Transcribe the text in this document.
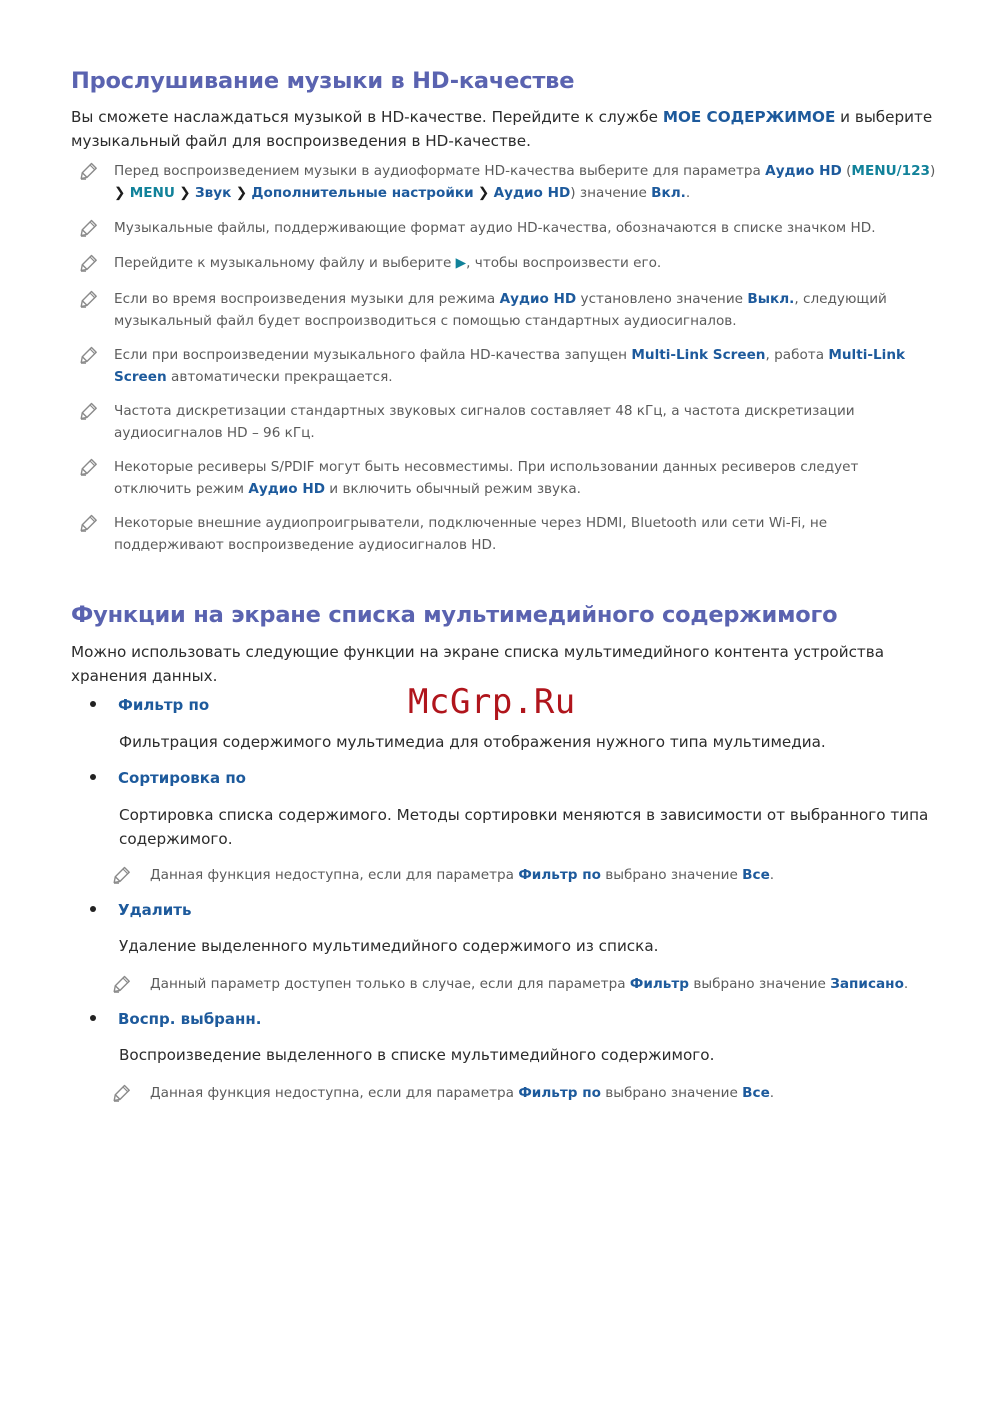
Прослушивание музыки в HD-качестве

Вы сможете наслаждаться музыкой в HD-качестве. Перейдите к службе МОЕ СОДЕРЖИМОЕ и выберите музыкальный файл для воспроизведения в HD-качестве.

Перед воспроизведением музыки в аудиоформате HD-качества выберите для параметра Аудио HD (MENU/123)
❯ MENU ❯ Звук ❯ Дополнительные настройки ❯ Аудио HD) значение Вкл..
Музыкальные файлы, поддерживающие формат аудио HD-качества, обозначаются в списке значком HD.
Перейдите к музыкальному файлу и выберите ▶, чтобы воспроизвести его.
Если во время воспроизведения музыки для режима Аудио HD установлено значение Выкл., следующий музыкальный файл будет воспроизводиться с помощью стандартных аудиосигналов.
Если при воспроизведении музыкального файла HD-качества запущен Multi-Link Screen, работа Multi-Link Screen автоматически прекращается.
Частота дискретизации стандартных звуковых сигналов составляет 48 кГц, а частота дискретизации аудиосигналов HD – 96 кГц.
Некоторые ресиверы S/PDIF могут быть несовместимы. При использовании данных ресиверов следует отключить режим Аудио HD и включить обычный режим звука.
Некоторые внешние аудиопроигрыватели, подключенные через HDMI, Bluetooth или сети Wi-Fi, не поддерживают воспроизведение аудиосигналов HD.
Функции на экране списка мультимедийного содержимого

Можно использовать следующие функции на экране списка мультимедийного контента устройства хранения данных.

McGrp.Ru
Фильтр по
Фильтрация содержимого мультимедиа для отображения нужного типа мультимедиа.
Сортировка по
Сортировка списка содержимого. Методы сортировки меняются в зависимости от выбранного типа содержимого.
Данная функция недоступна, если для параметра Фильтр по выбрано значение Все.
Удалить
Удаление выделенного мультимедийного содержимого из списка.
Данный параметр доступен только в случае, если для параметра Фильтр выбрано значение Записано.
Воспр. выбранн.
Воспроизведение выделенного в списке мультимедийного содержимого.
Данная функция недоступна, если для параметра Фильтр по выбрано значение Все.
